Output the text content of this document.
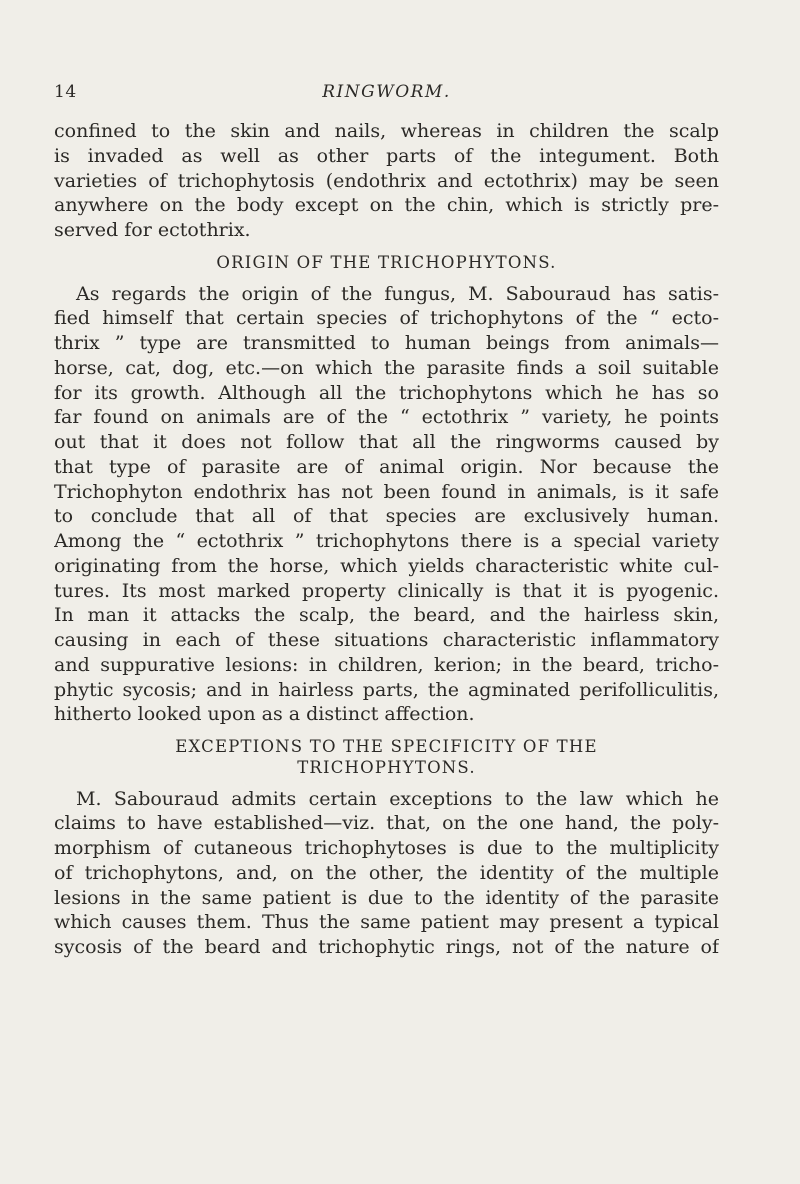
14	RINGWORM.
confined to the skin and nails, whereas in children the scalp
is invaded as well as other parts of the integument. Both
varieties of trichophytosis (endothrix and ectothrix) may be seen
anywhere on the body except on the chin, which is strictly pre-
served for ectothrix.
ORIGIN OF THE TRICHOPHYTONS.
As regards the origin of the fungus, M. Sabouraud has satis-
fied himself that certain species of trichophytons of the “ ecto-
thrix ” type are transmitted to human beings from animals—
horse, cat, dog, etc.—on which the parasite finds a soil suitable
for its growth. Although all the trichophytons which he has so
far found on animals are of the “ ectothrix ” variety, he points
out that it does not follow that all the ringworms caused by
that type of parasite are of animal origin. Nor because the
Trichophyton endothrix has not been found in animals, is it safe
to conclude that all of that species are exclusively human.
Among the “ ectothrix ” trichophytons there is a special variety
originating from the horse, which yields characteristic white cul-
tures. Its most marked property clinically is that it is pyogenic.
In man it attacks the scalp, the beard, and the hairless skin,
causing in each of these situations characteristic inflammatory
and suppurative lesions: in children, kerion; in the beard, tricho-
phytic sycosis; and in hairless parts, the agminated perifolliculitis,
hitherto looked upon as a distinct affection.
EXCEPTIONS TO THE SPECIFICITY OF THE
TRICHOPHYTONS.
M. Sabouraud admits certain exceptions to the law which he
claims to have established—viz. that, on the one hand, the poly-
morphism of cutaneous trichophytoses is due to the multiplicity
of trichophytons, and, on the other, the identity of the multiple
lesions in the same patient is due to the identity of the parasite
which causes them. Thus the same patient may present a typical
sycosis of the beard and trichophytic rings, not of the nature of
